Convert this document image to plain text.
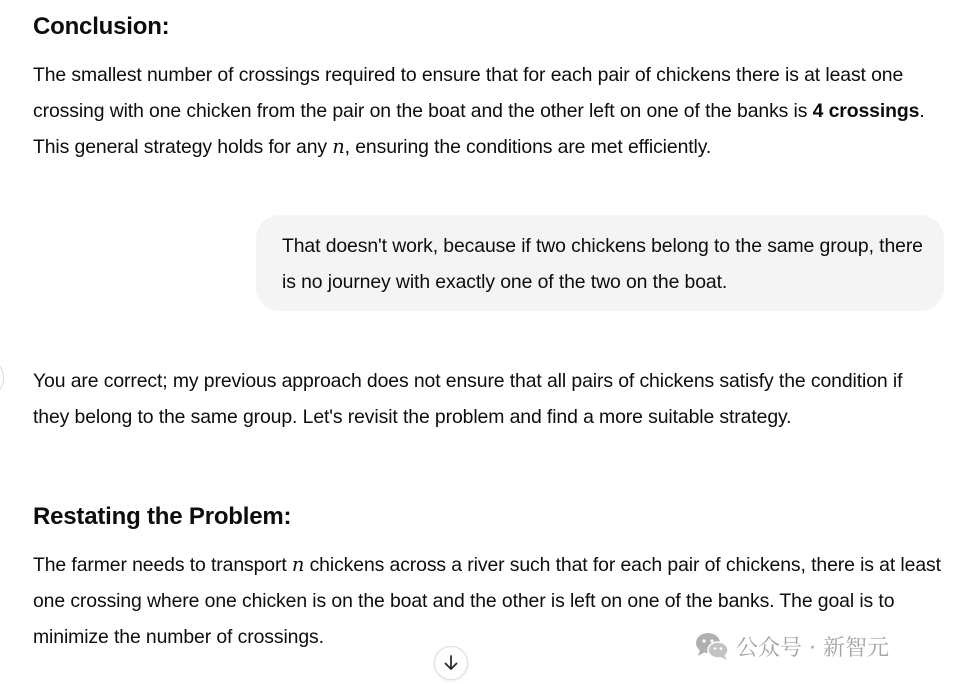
Conclusion:

The smallest number of crossings required to ensure that for each pair of chickens there is at least one crossing with one chicken from the pair on the boat and the other left on one of the banks is 4 crossings. This general strategy holds for any n, ensuring the conditions are met efficiently.

That doesn't work, because if two chickens belong to the same group, there is no journey with exactly one of the two on the boat.

You are correct; my previous approach does not ensure that all pairs of chickens satisfy the condition if they belong to the same group. Let's revisit the problem and find a more suitable strategy.

Restating the Problem:

The farmer needs to transport n chickens across a river such that for each pair of chickens, there is at least one crossing where one chicken is on the boat and the other is left on one of the banks. The goal is to minimize the number of crossings.	公众号 · 新智元
